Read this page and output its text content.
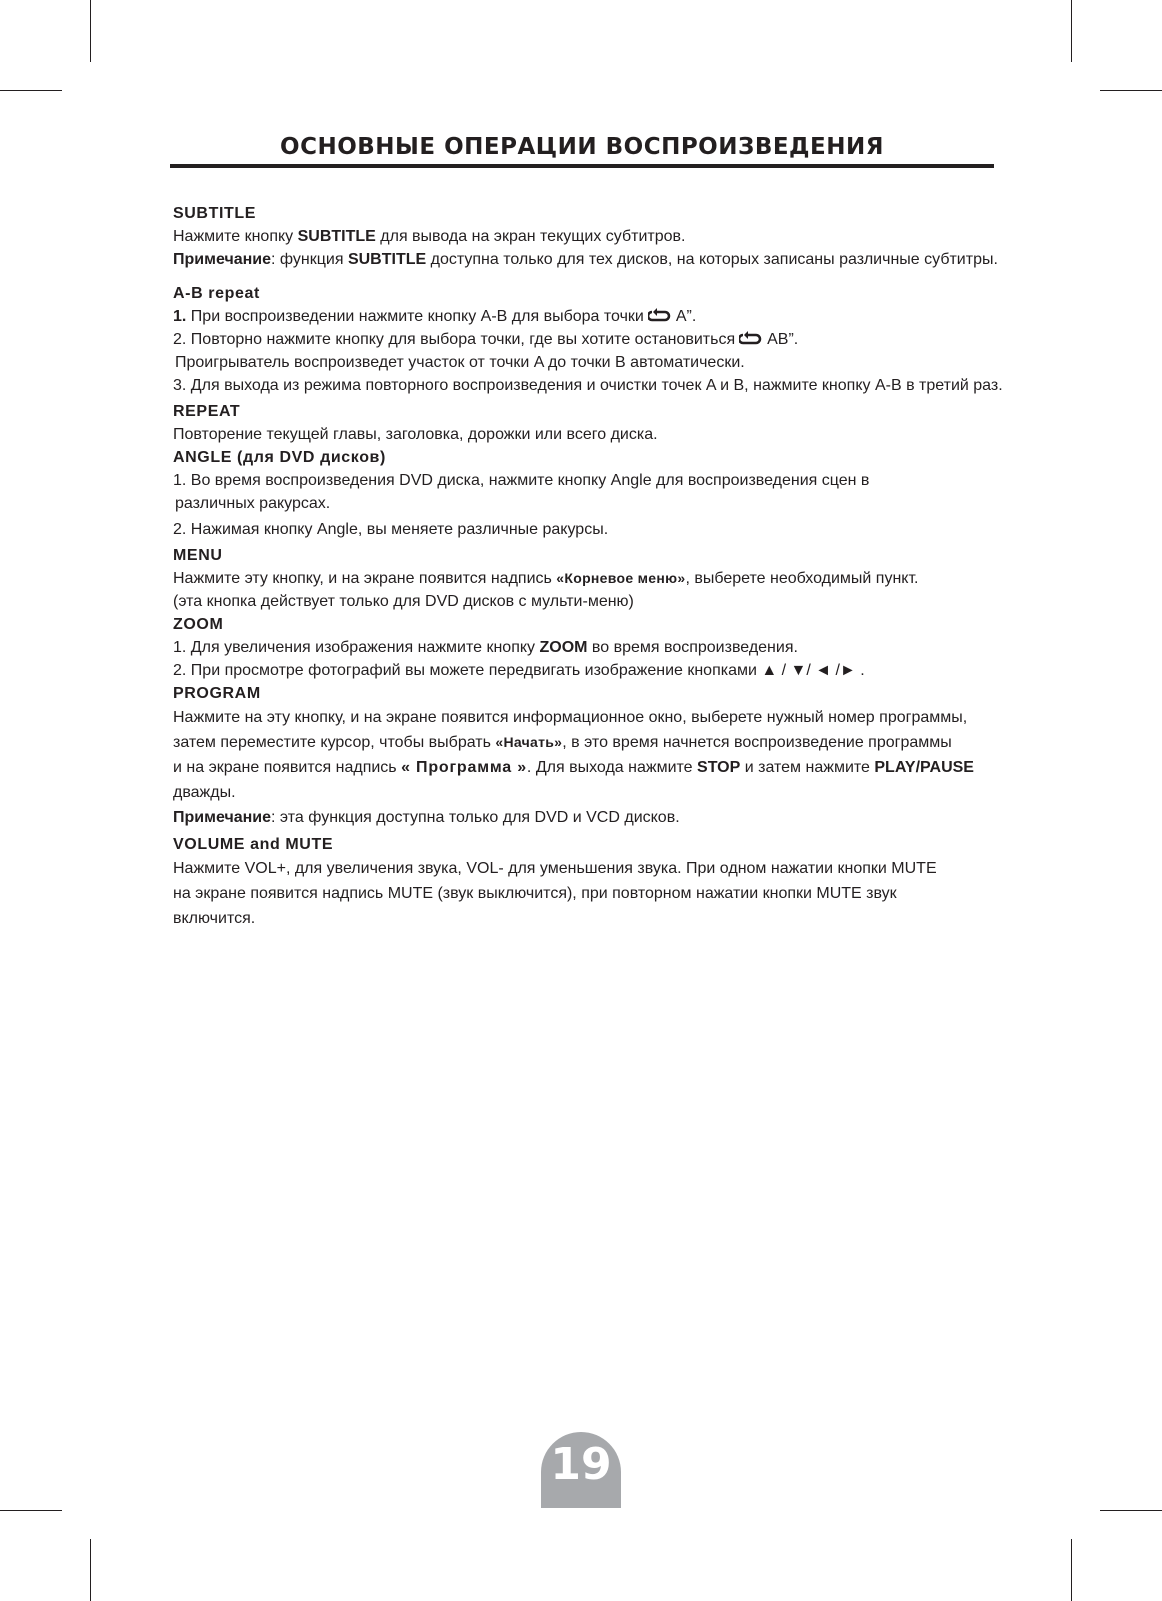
ОСНОВНЫЕ ОПЕРАЦИИ ВОСПРОИЗВЕДЕНИЯ
SUBTITLE

Нажмите кнопку SUBTITLE для вывода на экран текущих субтитров.

Примечание: функция SUBTITLE доступна только для тех дисков, на которых записаны различные субтитры.

A-B repeat

1. При воспроизведении нажмите кнопку A-B для выбора точки A”.

2. Повторно нажмите кнопку для выбора точки, где вы хотите остановиться AB”.

Проигрыватель воспроизведет участок от точки A до точки B автоматически.

3. Для выхода из режима повторного воспроизведения и очистки точек A и B, нажмите кнопку A-B в третий раз.

REPEAT

Повторение текущей главы, заголовка, дорожки или всего диска.

ANGLE (для DVD дисков)

1. Во время воспроизведения DVD диска, нажмите кнопку Angle для воспроизведения сцен в

различных ракурсах.

2. Нажимая кнопку Angle, вы меняете различные ракурсы.

MENU

Нажмите эту кнопку, и на экране появится надпись «Корневое меню», выберете необходимый пункт.

(эта кнопка действует только для DVD дисков с мульти-меню)

ZOOM

1. Для увеличения изображения нажмите кнопку ZOOM во время воспроизведения.

2. При просмотре фотографий вы можете передвигать изображение кнопками ▲ / ▼/ ◄ /► .

PROGRAM

Нажмите на эту кнопку, и на экране появится информационное окно, выберете нужный номер программы,

затем переместите курсор, чтобы выбрать «Начать», в это время начнется воспроизведение программы

и на экране появится надпись « Программа ». Для выхода нажмите STOP и затем нажмите PLAY/PAUSE

дважды.

Примечание: эта функция доступна только для DVD и VCD дисков.

VOLUME and MUTE

Нажмите VOL+, для увеличения звука, VOL- для уменьшения звука. При одном нажатии кнопки MUTE

на экране появится надпись MUTE (звук выключится), при повторном нажатии кнопки MUTE звук

включится.

19
